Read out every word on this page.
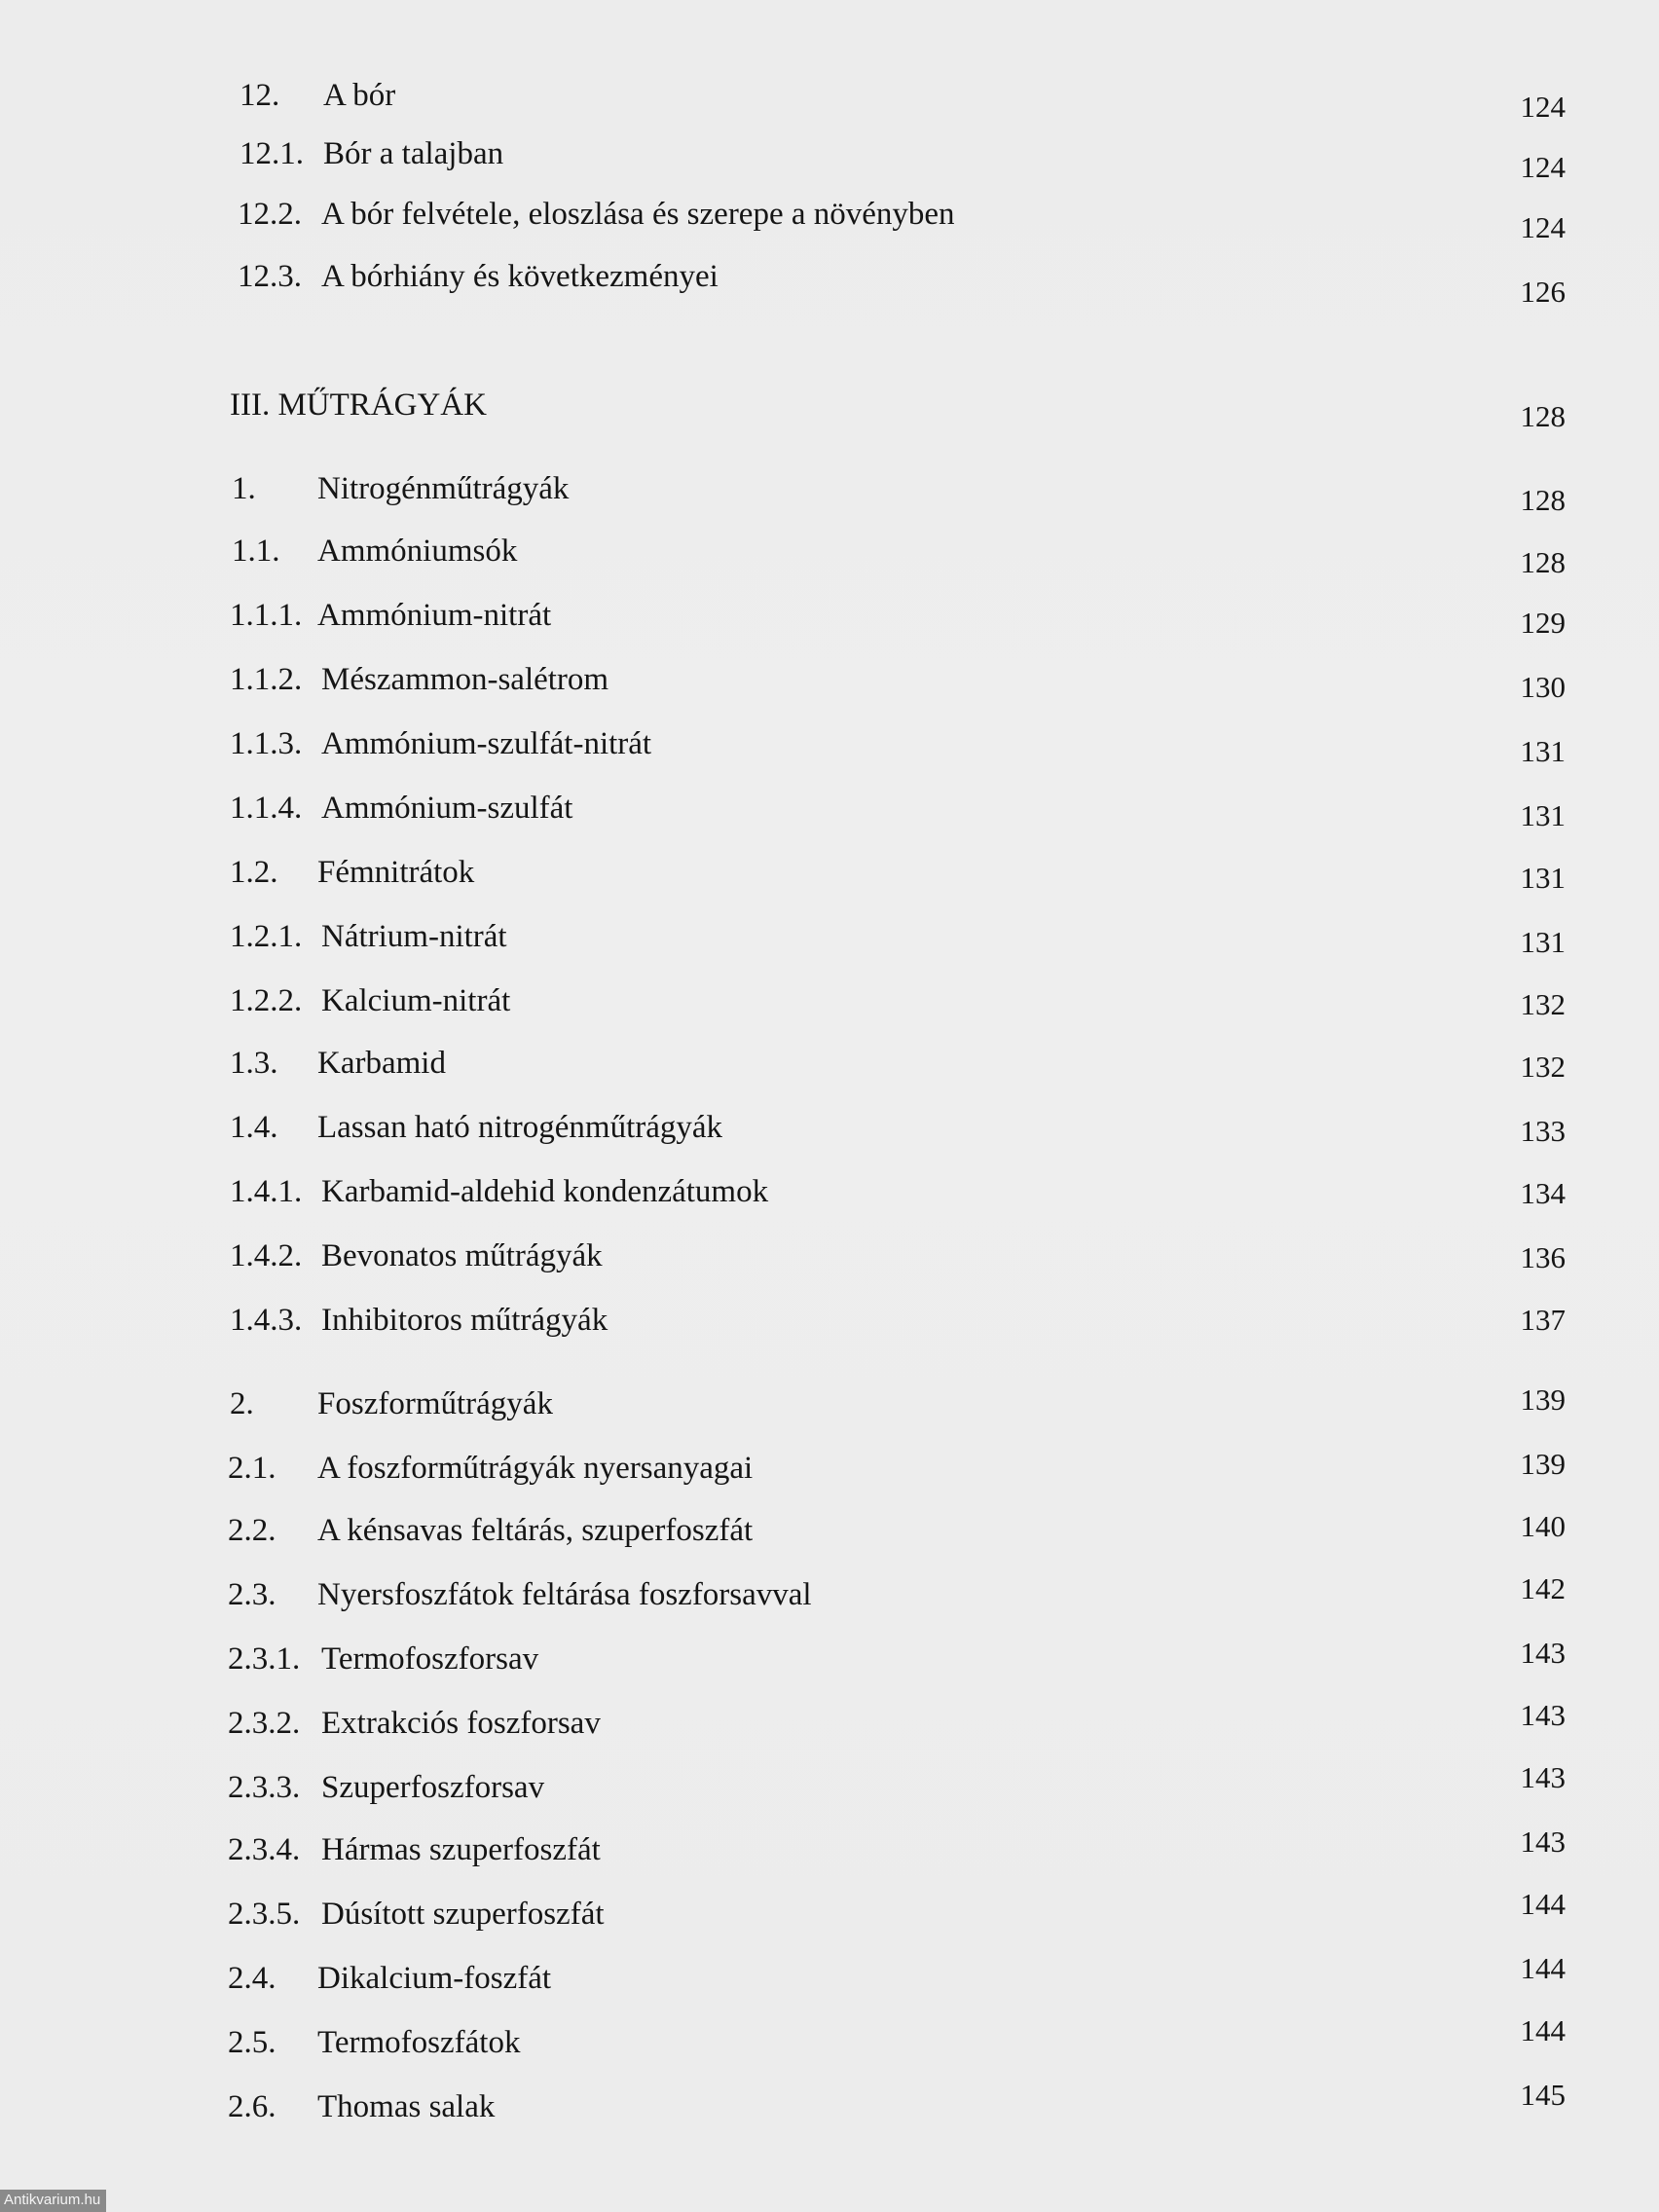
12. A bór	124
12.1. Bór a talajban	124
12.2. A bór felvétele, eloszlása és szerepe a növényben	124
12.3. A bórhiány és következményei	126
III. MŰTRÁGYÁK	128
1. Nitrogénműtrágyák	128
1.1. Ammóniumsók	128
1.1.1. Ammónium-nitrát	129
1.1.2. Mészammon-salétrom	130
1.1.3. Ammónium-szulfát-nitrát	131
1.1.4. Ammónium-szulfát	131
1.2. Fémnitrátok	131
1.2.1. Nátrium-nitrát	131
1.2.2. Kalcium-nitrát	132
1.3. Karbamid	132
1.4. Lassan ható nitrogénműtrágyák	133
1.4.1. Karbamid-aldehid kondenzátumok	134
1.4.2. Bevonatos műtrágyák	136
1.4.3. Inhibitoros műtrágyák	137
2. Foszforműtrágyák	139
2.1. A foszforműtrágyák nyersanyagai	139
2.2. A kénsavas feltárás, szuperfoszfát	140
2.3. Nyersfoszfátok feltárása foszforsavval	142
2.3.1. Termofoszforsav	143
2.3.2. Extrakciós foszforsav	143
2.3.3. Szuperfoszforsav	143
2.3.4. Hármas szuperfoszfát	143
2.3.5. Dúsított szuperfoszfát	144
2.4. Dikalcium-foszfát	144
2.5. Termofoszfátok	144
2.6. Thomas salak	145
Antikvarium.hu
